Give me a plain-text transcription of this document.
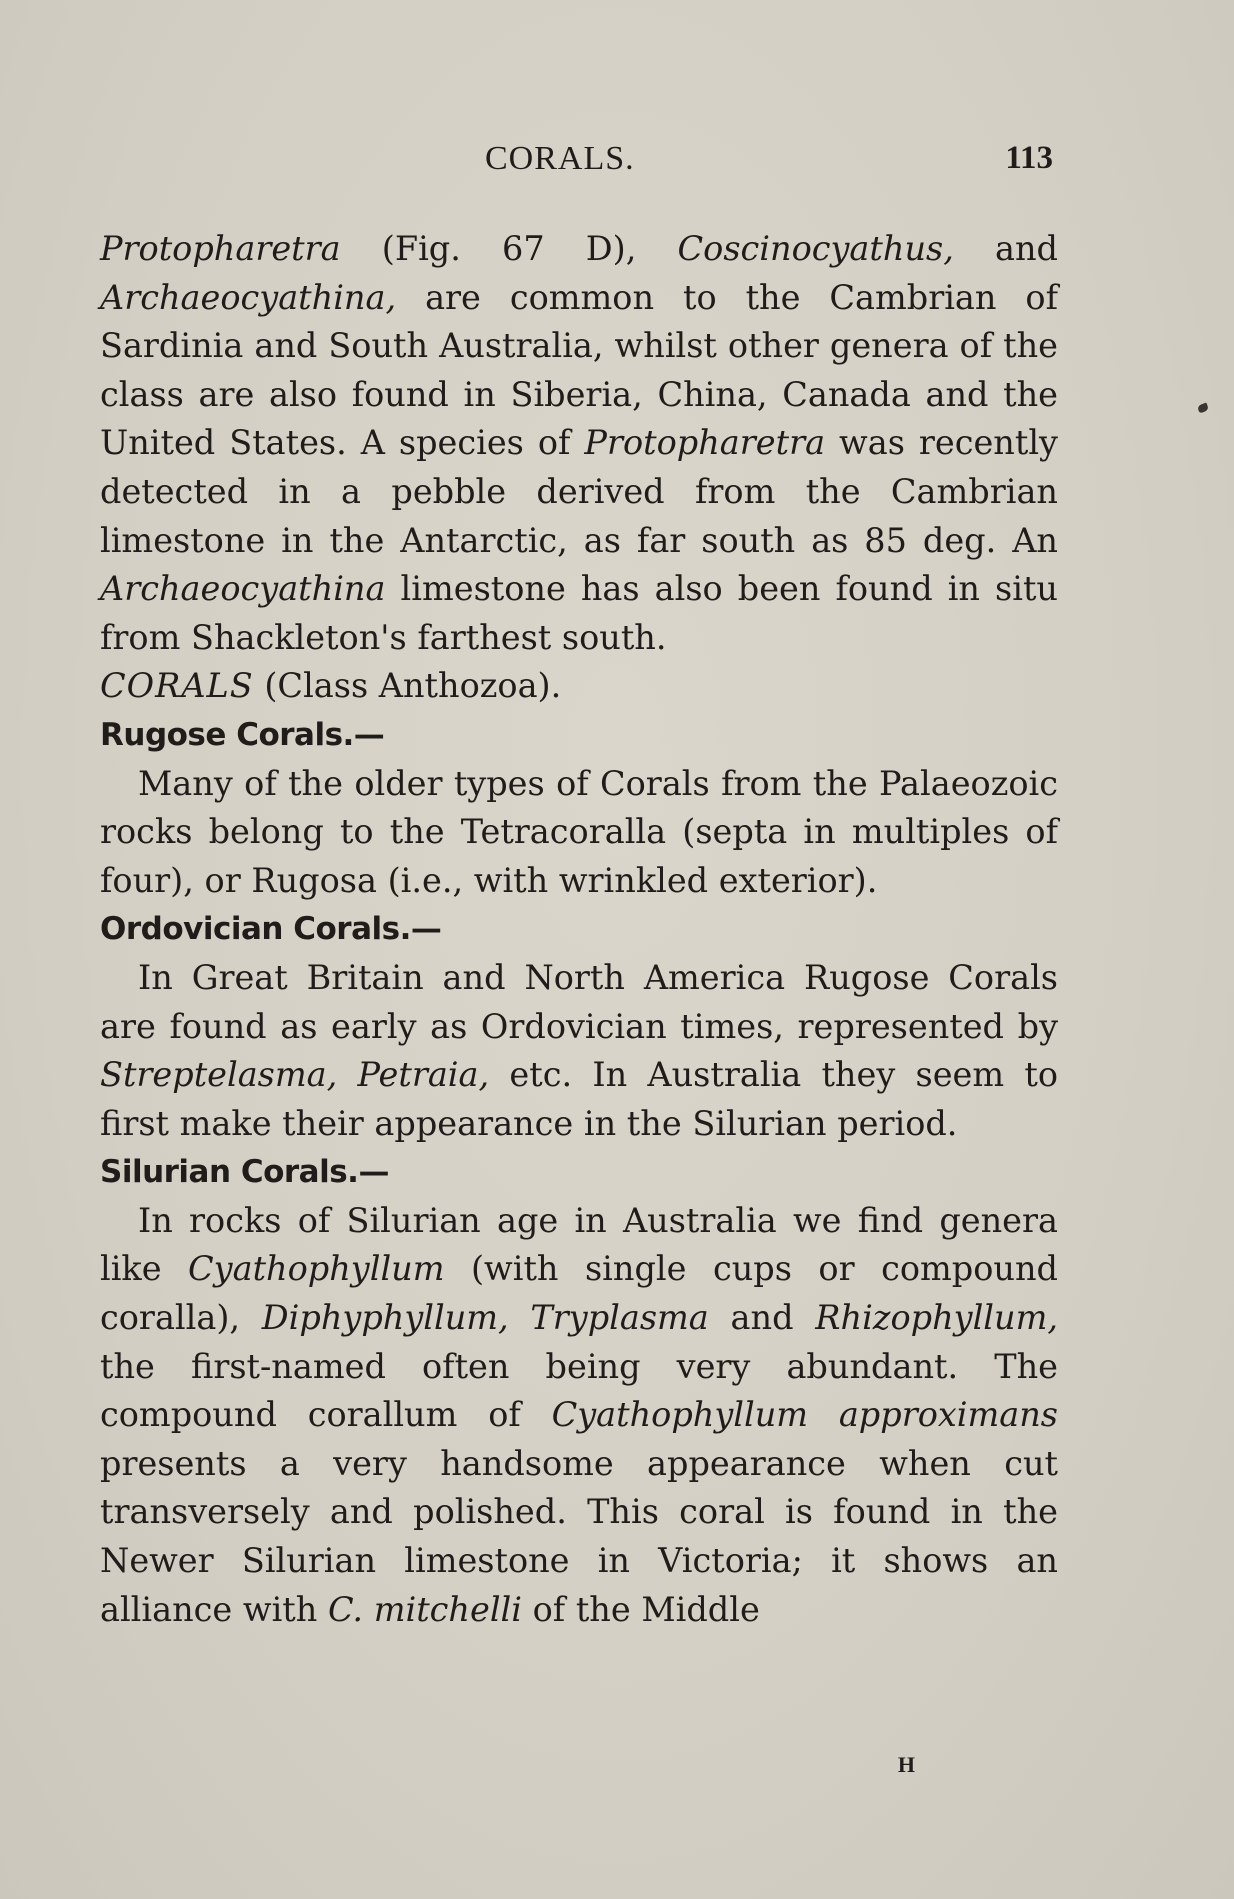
CORALS.	113

Protopharetra (Fig. 67 D), Coscinocyathus, and Archaeocyathina, are common to the Cambrian of Sardinia and South Australia, whilst other genera of the class are also found in Siberia, China, Canada and the United States. A species of Protopharetra was recently detected in a pebble derived from the Cambrian limestone in the Antarctic, as far south as 85 deg. An Archaeocyathina limestone has also been found in situ from Shackleton's farthest south.

CORALS (Class Anthozoa).

Rugose Corals.—

Many of the older types of Corals from the Palaeozoic rocks belong to the Tetracoralla (septa in multiples of four), or Rugosa (i.e., with wrinkled exterior).

Ordovician Corals.—

In Great Britain and North America Rugose Corals are found as early as Ordovician times, represented by Streptelasma, Petraia, etc. In Australia they seem to first make their appearance in the Silurian period.

Silurian Corals.—

In rocks of Silurian age in Australia we find genera like Cyathophyllum (with single cups or compound coralla), Diphyphyllum, Tryplasma and Rhizophyllum, the first-named often being very abundant. The compound corallum of Cyathophyllum approximans presents a very handsome appearance when cut transversely and polished. This coral is found in the Newer Silurian limestone in Victoria; it shows an alliance with C. mitchelli of the Middle

H
